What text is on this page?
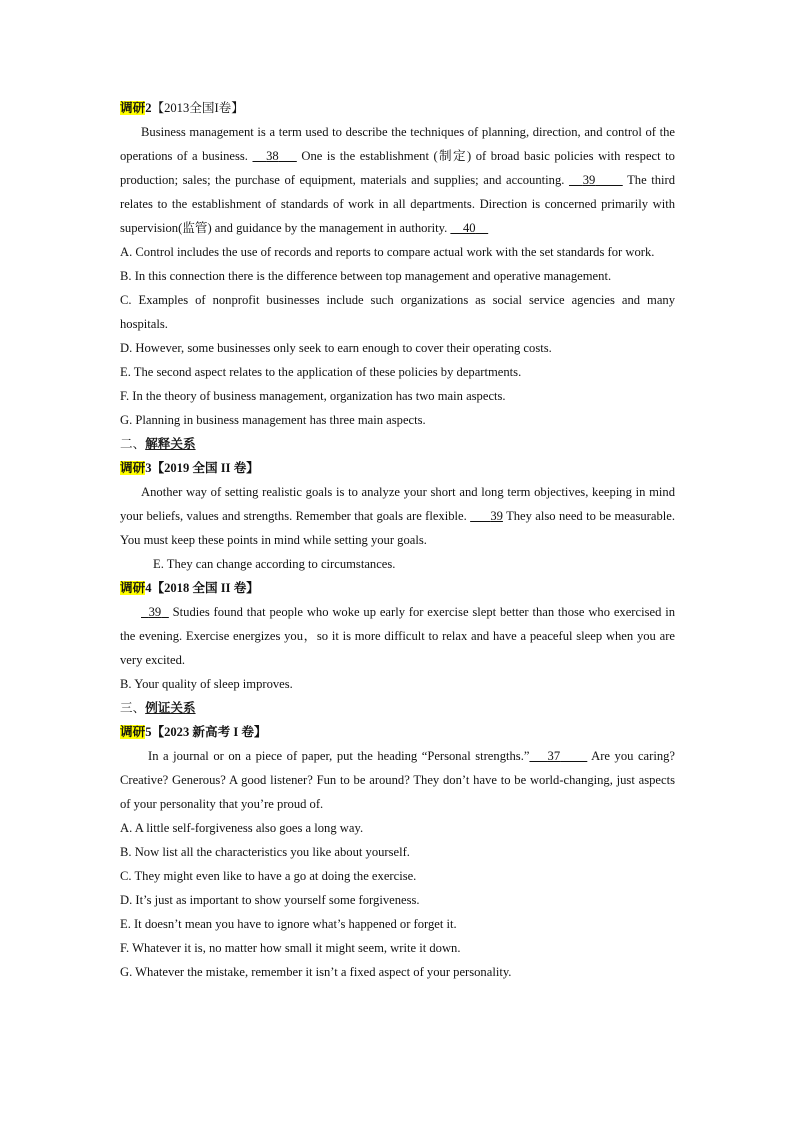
调研2【2013全国I卷】

Business management is a term used to describe the techniques of planning, direction, and control of the operations of a business. 38 One is the establishment (制定) of broad basic policies with respect to production; sales; the purchase of equipment, materials and supplies; and accounting. 39	The third relates to the establishment of standards of work in all departments. Direction is concerned primarily with supervision(监管) and guidance by the management in authority. 40

A. Control includes the use of records and reports to compare actual work with the set standards for work.

B. In this connection there is the difference between top management and operative management.

C. Examples of nonprofit businesses include such organizations as social service agencies and many hospitals.

D. However, some businesses only seek to earn enough to cover their operating costs.

E. The second aspect relates to the application of these policies by departments.

F. In the theory of business management, organization has two main aspects.

G. Planning in business management has three main aspects.

二、解释关系
调研3【2019 全国 II 卷】

Another way of setting realistic goals is to analyze your short and long term objectives, keeping in mind your beliefs, values and strengths. Remember that goals are flexible. 39 They also need to be measurable. You must keep these points in mind while setting your goals.

E. They can change according to circumstances.

调研4【2018 全国 II 卷】

39 Studies found that people who woke up early for exercise slept better than those who exercised in the evening. Exercise energizes you，so it is more difficult to relax and have a peaceful sleep when you are very excited.

B. Your quality of sleep improves.

三、例证关系
调研5【2023 新高考 I 卷】

In a journal or on a piece of paper, put the heading “Personal strengths.” 37 Are you caring? Creative? Generous? A good listener? Fun to be around? They don’t have to be world-changing, just aspects of your personality that you’re proud of.

A. A little self-forgiveness also goes a long way.

B. Now list all the characteristics you like about yourself.

C. They might even like to have a go at doing the exercise.

D. It’s just as important to show yourself some forgiveness.

E. It doesn’t mean you have to ignore what’s happened or forget it.

F. Whatever it is, no matter how small it might seem, write it down.

G. Whatever the mistake, remember it isn’t a fixed aspect of your personality.
